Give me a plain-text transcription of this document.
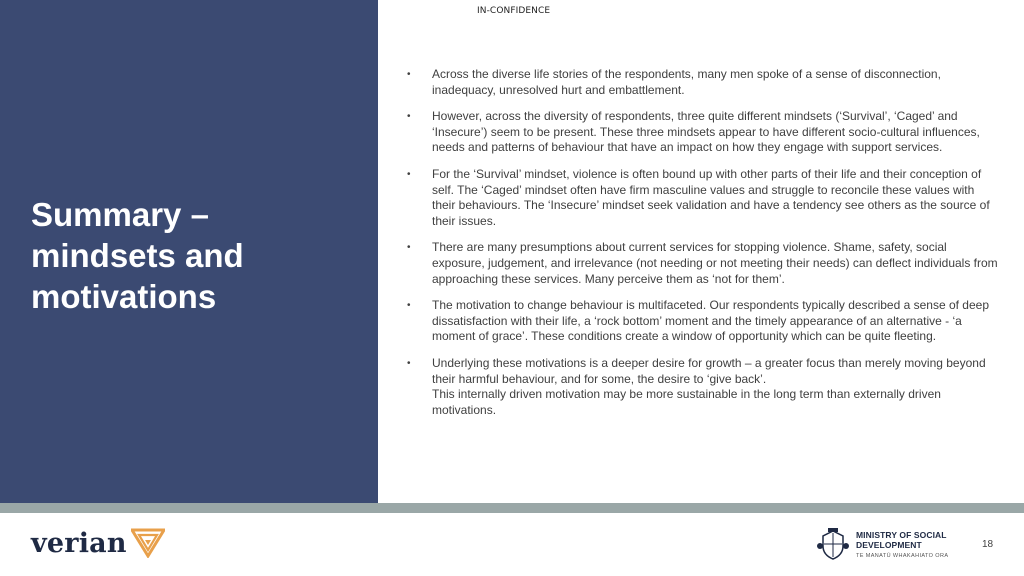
Summary –
mindsets and
motivations
IN-CONFIDENCE
• Across the diverse life stories of the respondents, many men spoke of a sense of disconnection, inadequacy, unresolved hurt and embattlement.
• However, across the diversity of respondents, three quite different mindsets (‘Survival’, ‘Caged’ and ‘Insecure’) seem to be present. These three mindsets appear to have different socio-cultural influences, needs and patterns of behaviour that have an impact on how they engage with support services.
• For the ‘Survival’ mindset, violence is often bound up with other parts of their life and their conception of self. The ‘Caged’ mindset often have firm masculine values and struggle to reconcile these values with their behaviours. The ‘Insecure’ mindset seek validation and have a tendency see others as the source of their issues.
• There are many presumptions about current services for stopping violence. Shame, safety, social exposure, judgement, and irrelevance (not needing or not meeting their needs) can deflect individuals from approaching these services. Many perceive them as ‘not for them’.
• The motivation to change behaviour is multifaceted. Our respondents typically described a sense of deep dissatisfaction with their life, a ‘rock bottom’ moment and the timely appearance of an alternative - ‘a moment of grace’. These conditions create a window of opportunity which can be quite fleeting.
• Underlying these motivations is a deeper desire for growth – a greater focus than merely moving beyond their harmful behaviour, and for some, the desire to ‘give back’.
This internally driven motivation may be more sustainable in the long term than externally driven motivations.
verian	MINISTRY OF SOCIAL
DEVELOPMENT
TE MANATŪ WHAKAHIATO ORA
18
